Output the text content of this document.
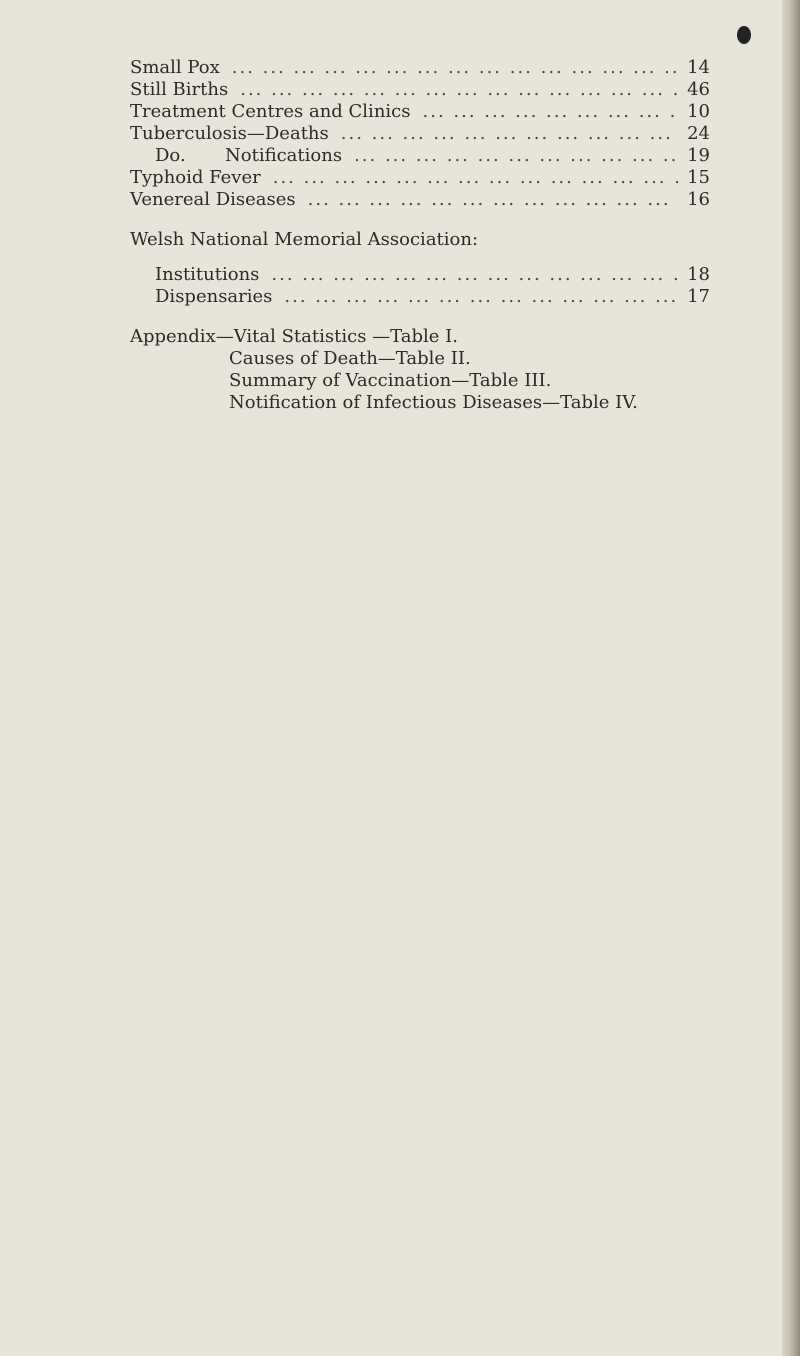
Small Pox ... .	14
Still Births ... .	46
Treatment Centres and Clinics ... .	10
Tuberculosis—Deaths ... .	24
Do. Notifications ... .	19
Typhoid Fever ... .	15
Venereal Diseases ... .	16
Welsh National Memorial Association:
Institutions ... .	18
Dispensaries ... .	17
Appendix—Vital Statistics —Table I.
Causes of Death—Table II.
Summary of Vaccination—Table III.
Notification of Infectious Diseases—Table IV.
